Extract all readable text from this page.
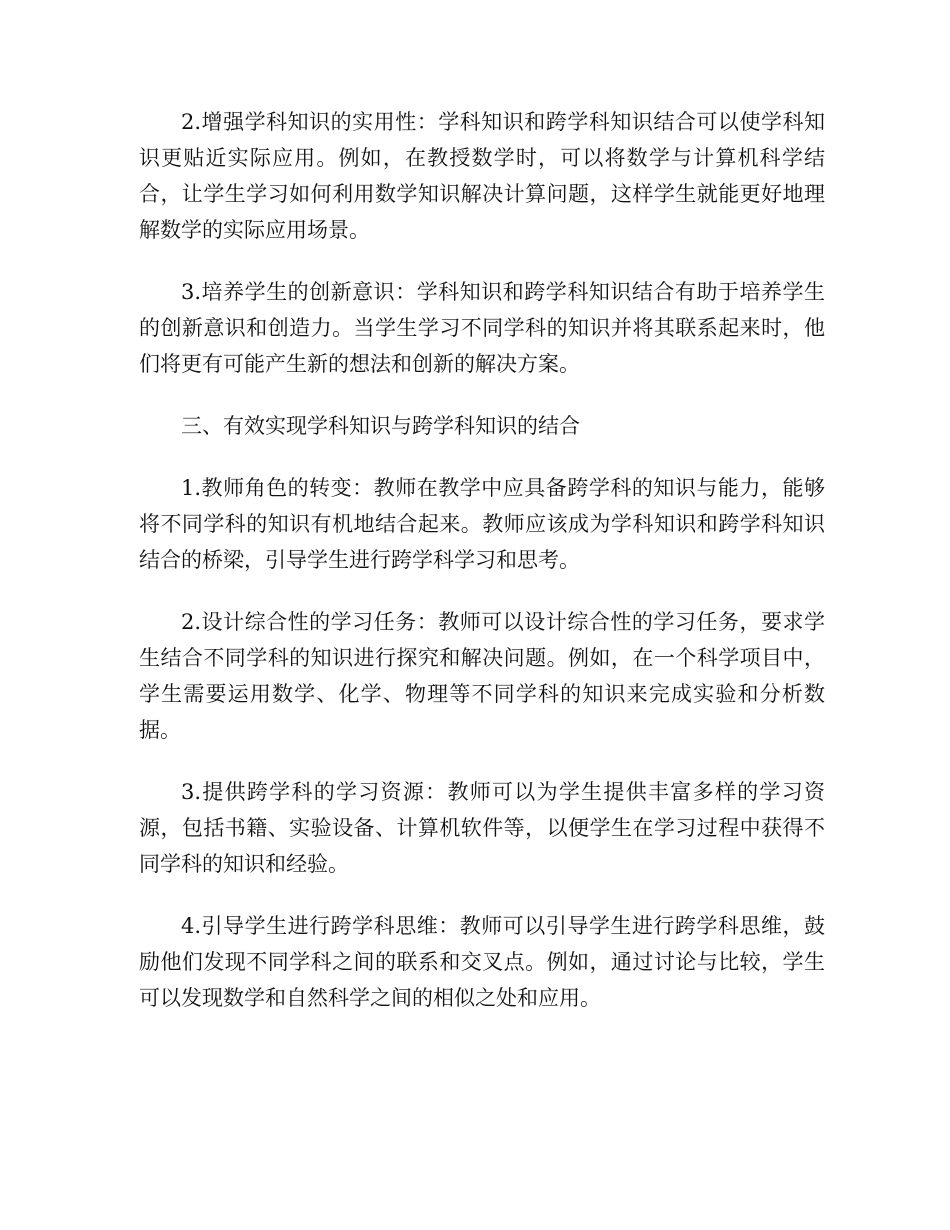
2.增强学科知识的实用性：学科知识和跨学科知识结合可以使学科知识更贴近实际应用。例如，在教授数学时，可以将数学与计算机科学结合，让学生学习如何利用数学知识解决计算问题，这样学生就能更好地理解数学的实际应用场景。

3.培养学生的创新意识：学科知识和跨学科知识结合有助于培养学生的创新意识和创造力。当学生学习不同学科的知识并将其联系起来时，他们将更有可能产生新的想法和创新的解决方案。

三、有效实现学科知识与跨学科知识的结合

1.教师角色的转变：教师在教学中应具备跨学科的知识与能力，能够将不同学科的知识有机地结合起来。教师应该成为学科知识和跨学科知识结合的桥梁，引导学生进行跨学科学习和思考。

2.设计综合性的学习任务：教师可以设计综合性的学习任务，要求学生结合不同学科的知识进行探究和解决问题。例如，在一个科学项目中，学生需要运用数学、化学、物理等不同学科的知识来完成实验和分析数据。

3.提供跨学科的学习资源：教师可以为学生提供丰富多样的学习资源，包括书籍、实验设备、计算机软件等，以便学生在学习过程中获得不同学科的知识和经验。

4.引导学生进行跨学科思维：教师可以引导学生进行跨学科思维，鼓励他们发现不同学科之间的联系和交叉点。例如，通过讨论与比较，学生可以发现数学和自然科学之间的相似之处和应用。
